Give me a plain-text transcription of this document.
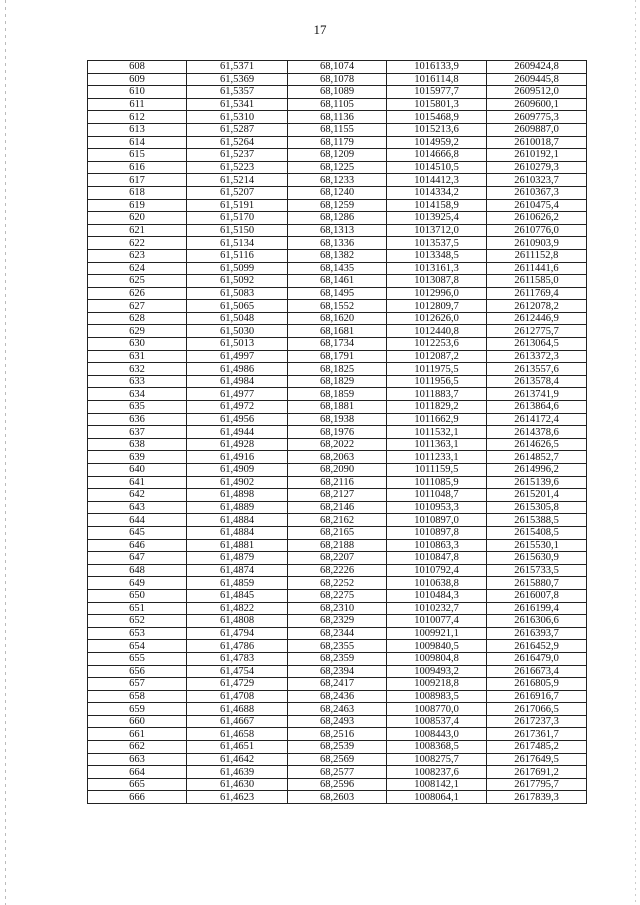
17
608	61,5371	68,1074	1016133,9	2609424,8
609	61,5369	68,1078	1016114,8	2609445,8
610	61,5357	68,1089	1015977,7	2609512,0
611	61,5341	68,1105	1015801,3	2609600,1
612	61,5310	68,1136	1015468,9	2609775,3
613	61,5287	68,1155	1015213,6	2609887,0
614	61,5264	68,1179	1014959,2	2610018,7
615	61,5237	68,1209	1014666,8	2610192,1
616	61,5223	68,1225	1014510,5	2610279,3
617	61,5214	68,1233	1014412,3	2610323,7
618	61,5207	68,1240	1014334,2	2610367,3
619	61,5191	68,1259	1014158,9	2610475,4
620	61,5170	68,1286	1013925,4	2610626,2
621	61,5150	68,1313	1013712,0	2610776,0
622	61,5134	68,1336	1013537,5	2610903,9
623	61,5116	68,1382	1013348,5	2611152,8
624	61,5099	68,1435	1013161,3	2611441,6
625	61,5092	68,1461	1013087,8	2611585,0
626	61,5083	68,1495	1012996,0	2611769,4
627	61,5065	68,1552	1012809,7	2612078,2
628	61,5048	68,1620	1012626,0	2612446,9
629	61,5030	68,1681	1012440,8	2612775,7
630	61,5013	68,1734	1012253,6	2613064,5
631	61,4997	68,1791	1012087,2	2613372,3
632	61,4986	68,1825	1011975,5	2613557,6
633	61,4984	68,1829	1011956,5	2613578,4
634	61,4977	68,1859	1011883,7	2613741,9
635	61,4972	68,1881	1011829,2	2613864,6
636	61,4956	68,1938	1011662,9	2614172,4
637	61,4944	68,1976	1011532,1	2614378,6
638	61,4928	68,2022	1011363,1	2614626,5
639	61,4916	68,2063	1011233,1	2614852,7
640	61,4909	68,2090	1011159,5	2614996,2
641	61,4902	68,2116	1011085,9	2615139,6
642	61,4898	68,2127	1011048,7	2615201,4
643	61,4889	68,2146	1010953,3	2615305,8
644	61,4884	68,2162	1010897,0	2615388,5
645	61,4884	68,2165	1010897,8	2615408,5
646	61,4881	68,2188	1010863,3	2615530,1
647	61,4879	68,2207	1010847,8	2615630,9
648	61,4874	68,2226	1010792,4	2615733,5
649	61,4859	68,2252	1010638,8	2615880,7
650	61,4845	68,2275	1010484,3	2616007,8
651	61,4822	68,2310	1010232,7	2616199,4
652	61,4808	68,2329	1010077,4	2616306,6
653	61,4794	68,2344	1009921,1	2616393,7
654	61,4786	68,2355	1009840,5	2616452,9
655	61,4783	68,2359	1009804,8	2616479,0
656	61,4754	68,2394	1009493,2	2616673,4
657	61,4729	68,2417	1009218,8	2616805,9
658	61,4708	68,2436	1008983,5	2616916,7
659	61,4688	68,2463	1008770,0	2617066,5
660	61,4667	68,2493	1008537,4	2617237,3
661	61,4658	68,2516	1008443,0	2617361,7
662	61,4651	68,2539	1008368,5	2617485,2
663	61,4642	68,2569	1008275,7	2617649,5
664	61,4639	68,2577	1008237,6	2617691,2
665	61,4630	68,2596	1008142,1	2617795,7
666	61,4623	68,2603	1008064,1	2617839,3
